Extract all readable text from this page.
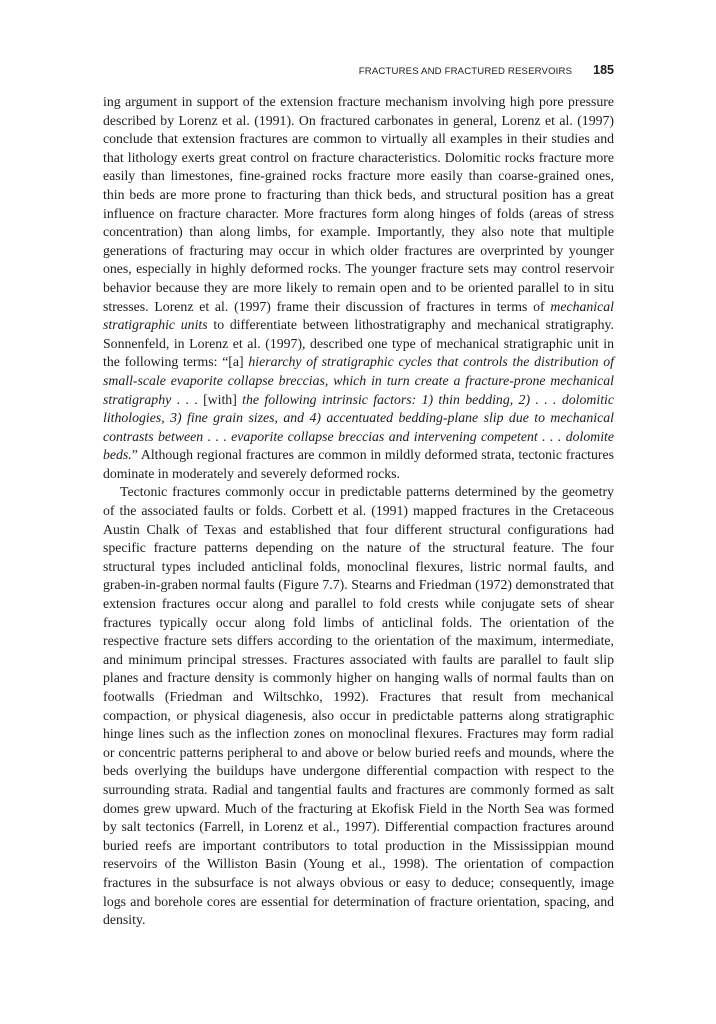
FRACTURES AND FRACTURED RESERVOIRS 185

ing argument in support of the extension fracture mechanism involving high pore pressure described by Lorenz et al. (1991). On fractured carbonates in general, Lorenz et al. (1997) conclude that extension fractures are common to virtually all examples in their studies and that lithology exerts great control on fracture characteristics. Dolomitic rocks fracture more easily than limestones, fine-grained rocks fracture more easily than coarse-grained ones, thin beds are more prone to fracturing than thick beds, and structural position has a great influence on fracture character. More fractures form along hinges of folds (areas of stress concentration) than along limbs, for example. Importantly, they also note that multiple generations of fracturing may occur in which older fractures are overprinted by younger ones, especially in highly deformed rocks. The younger fracture sets may control reservoir behavior because they are more likely to remain open and to be oriented parallel to in situ stresses. Lorenz et al. (1997) frame their discussion of fractures in terms of mechanical stratigraphic units to differentiate between lithostratigraphy and mechanical stratigraphy. Sonnenfeld, in Lorenz et al. (1997), described one type of mechanical stratigraphic unit in the following terms: “[a] hierarchy of stratigraphic cycles that controls the distribution of small-scale evaporite collapse breccias, which in turn create a fracture-prone mechanical stratigraphy . . . [with] the following intrinsic factors: 1) thin bedding, 2) . . . dolomitic lithologies, 3) fine grain sizes, and 4) accentuated bedding-plane slip due to mechanical contrasts between . . . evaporite collapse breccias and intervening competent . . . dolomite beds.” Although regional fractures are common in mildly deformed strata, tectonic fractures dominate in moderately and severely deformed rocks.

Tectonic fractures commonly occur in predictable patterns determined by the geometry of the associated faults or folds. Corbett et al. (1991) mapped fractures in the Cretaceous Austin Chalk of Texas and established that four different structural configurations had specific fracture patterns depending on the nature of the structural feature. The four structural types included anticlinal folds, monoclinal flexures, listric normal faults, and graben-in-graben normal faults (Figure 7.7). Stearns and Friedman (1972) demonstrated that extension fractures occur along and parallel to fold crests while conjugate sets of shear fractures typically occur along fold limbs of anticlinal folds. The orientation of the respective fracture sets differs according to the orientation of the maximum, intermediate, and minimum principal stresses. Fractures associated with faults are parallel to fault slip planes and fracture density is commonly higher on hanging walls of normal faults than on footwalls (Friedman and Wiltschko, 1992). Fractures that result from mechanical compaction, or physical diagenesis, also occur in predictable patterns along stratigraphic hinge lines such as the inflection zones on monoclinal flexures. Fractures may form radial or concentric patterns peripheral to and above or below buried reefs and mounds, where the beds overlying the buildups have undergone differential compaction with respect to the surrounding strata. Radial and tangential faults and fractures are commonly formed as salt domes grew upward. Much of the fracturing at Ekofisk Field in the North Sea was formed by salt tectonics (Farrell, in Lorenz et al., 1997). Differential compaction fractures around buried reefs are important contributors to total production in the Mississippian mound reservoirs of the Williston Basin (Young et al., 1998). The orientation of compaction fractures in the subsurface is not always obvious or easy to deduce; consequently, image logs and borehole cores are essential for determination of fracture orientation, spacing, and density.
